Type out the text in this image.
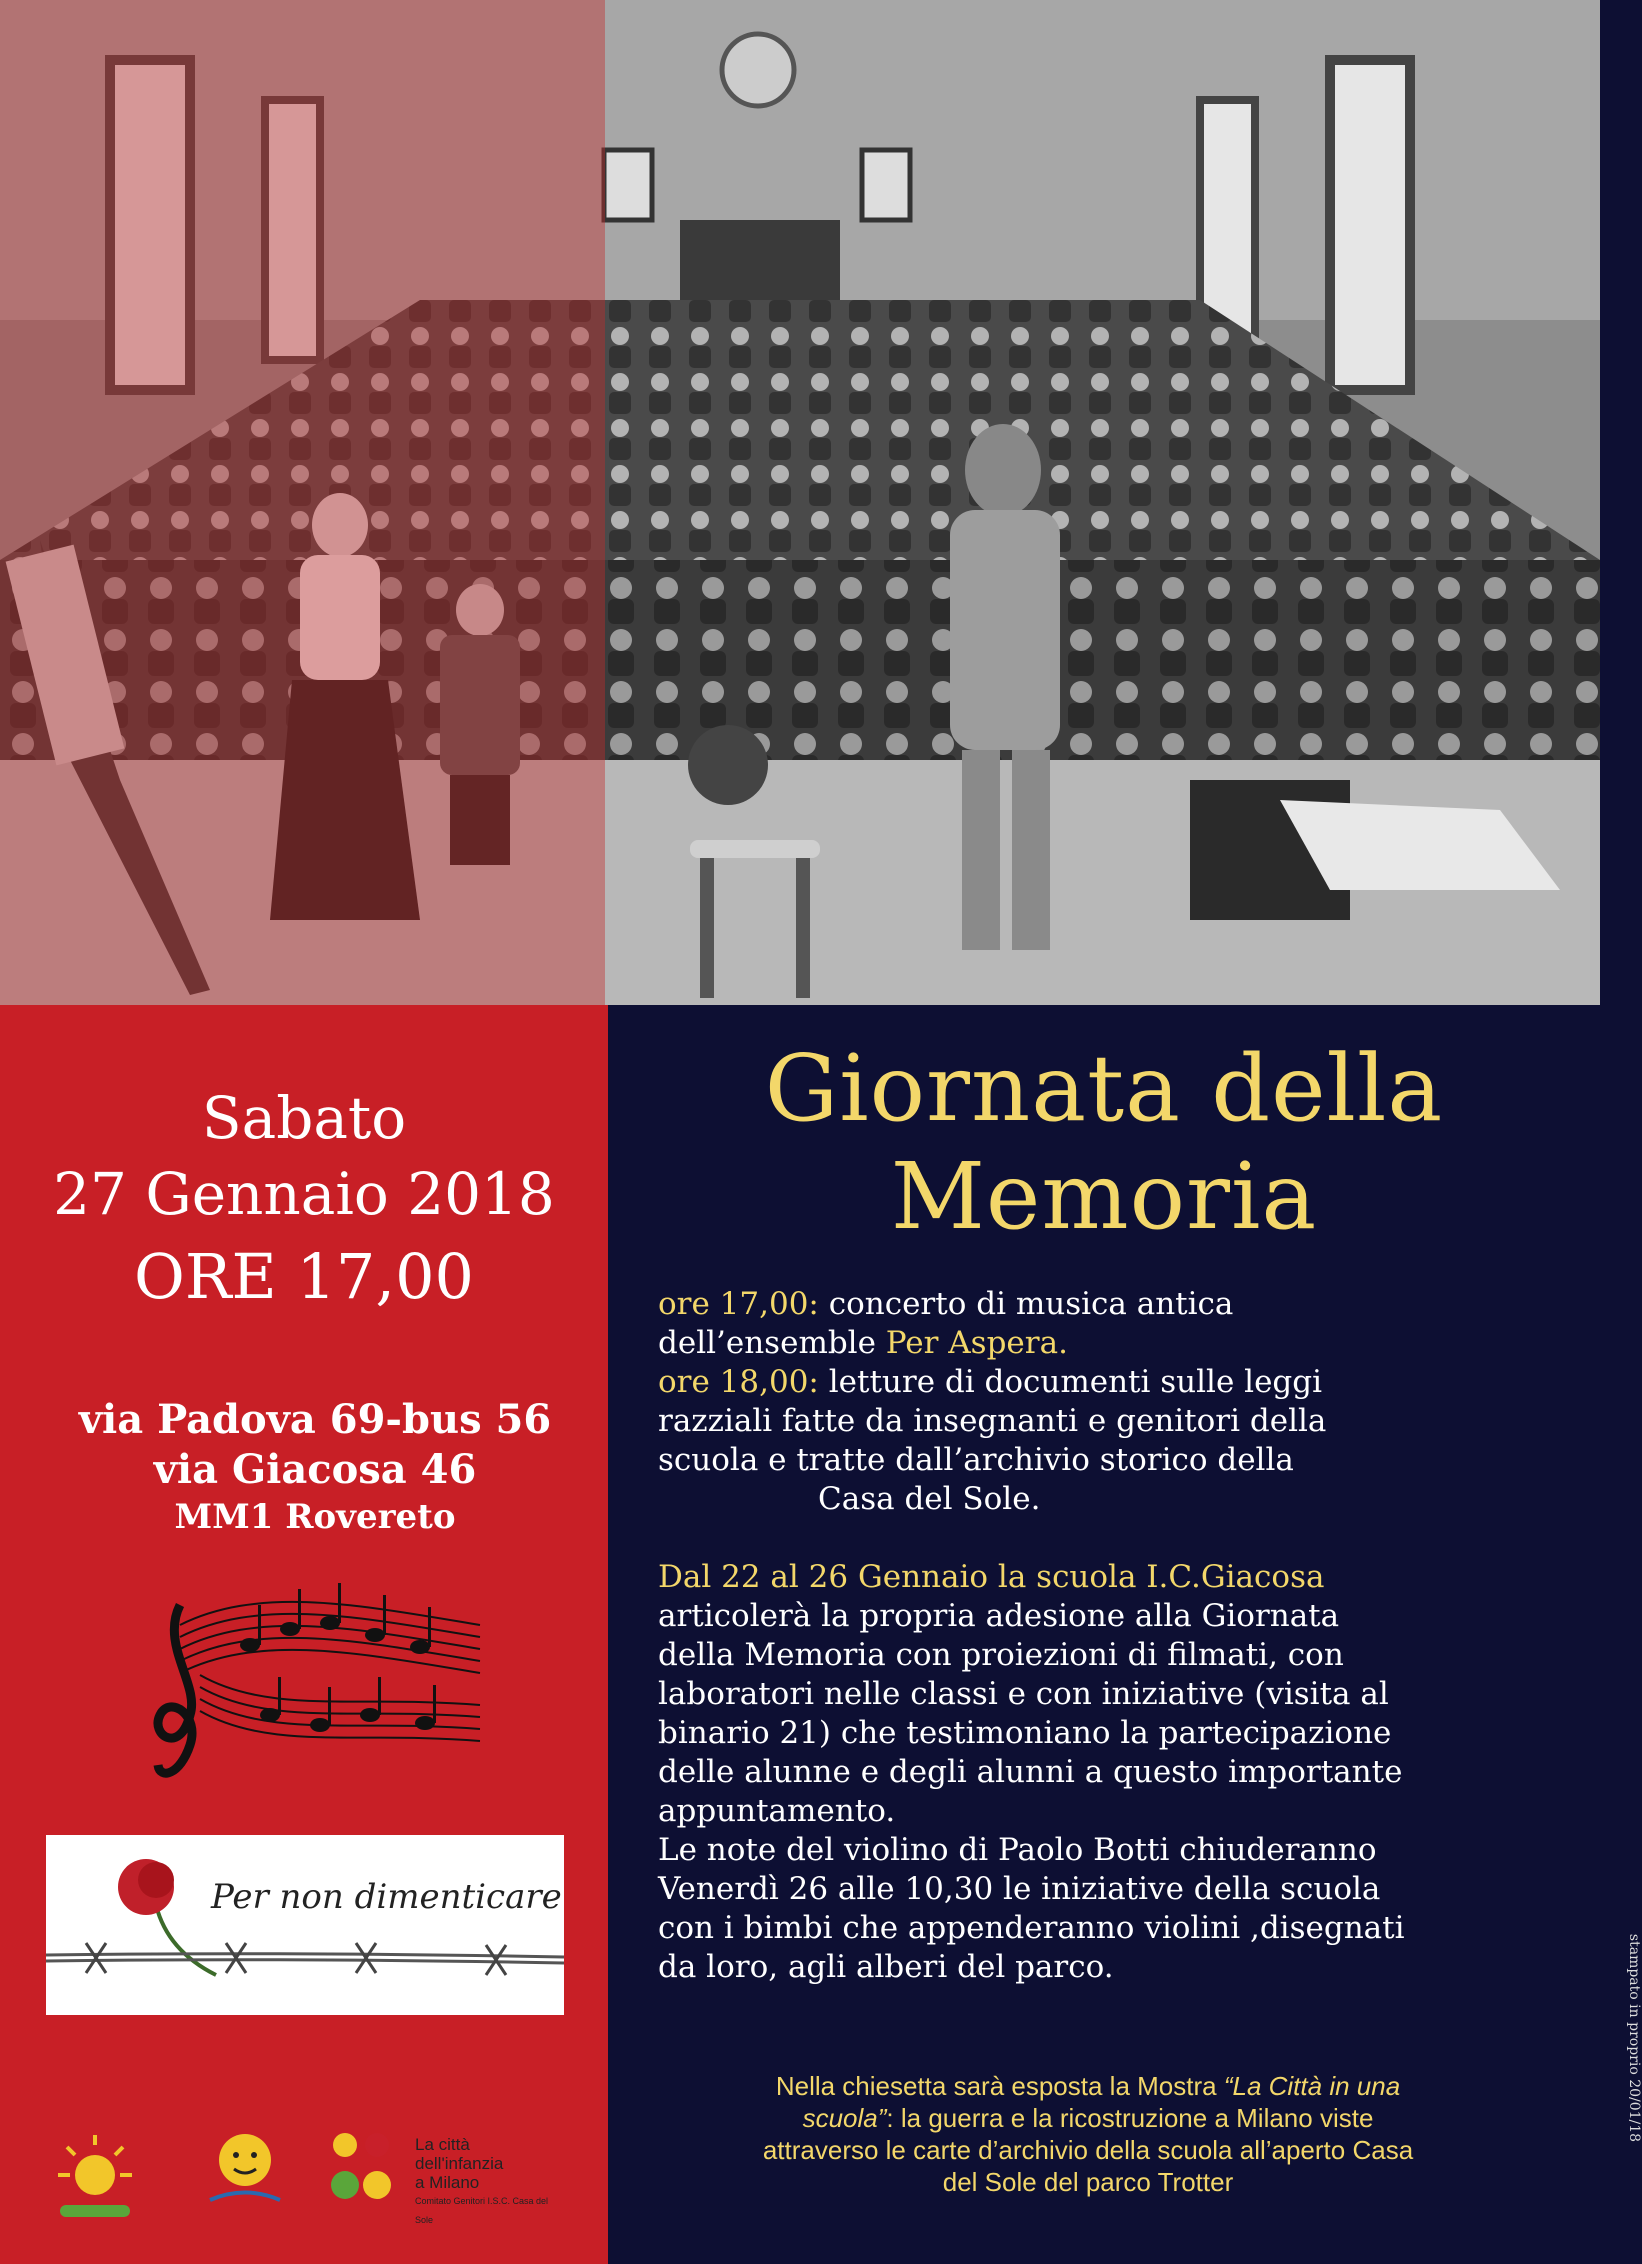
Sabato
27 Gennaio 2018
ORE 17,00
via Padova 69-bus 56
via Giacosa 46
MM1 Rovereto
Per non dimenticare
La città
dell'infanzia
a Milano
Comitato Genitori I.S.C. Casa del Sole
Giornata della
Memoria
ore 17,00: concerto di musica antica
dell’ensemble Per Aspera.
ore 18,00: letture di documenti sulle leggi
razziali fatte da insegnanti e genitori della
scuola e tratte dall’archivio storico della
Casa del Sole.
Dal 22 al 26 Gennaio la scuola I.C.Giacosa
articolerà la propria adesione alla Giornata
della Memoria con proiezioni di filmati, con
laboratori nelle classi e con iniziative (visita al
binario 21) che testimoniano la partecipazione
delle alunne e degli alunni a questo importante
appuntamento.
Le note del violino di Paolo Botti chiuderanno
Venerdì 26 alle 10,30 le iniziative della scuola
con i bimbi che appenderanno violini ,disegnati
da loro, agli alberi del parco.
Nella chiesetta sarà esposta la Mostra “La Città in una
scuola”: la guerra e la ricostruzione a Milano viste
attraverso le carte d’archivio della scuola all’aperto Casa
del Sole del parco Trotter
stampato in proprio 20/01/18
